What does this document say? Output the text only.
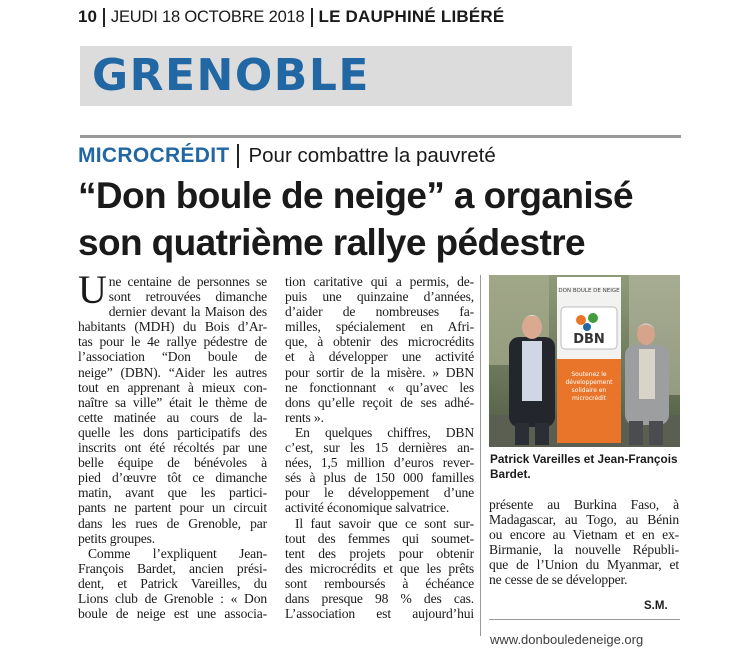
10 JEUDI 18 OCTOBRE 2018 LE DAUPHINÉ LIBÉRÉ
GRENOBLE
MICROCRÉDIT Pour combattre la pauvreté
“Don boule de neige” a organisé
son quatrième rallye pédestre
U ne centaine de personnes se
sont retrouvées dimanche
dernier devant la Maison des
habitants (MDH) du Bois d’Ar-
tas pour le 4e rallye pédestre de
l’association “Don boule de
neige” (DBN). “Aider les autres
tout en apprenant à mieux con-
naître sa ville” était le thème de
cette matinée au cours de la-
quelle les dons participatifs des
inscrits ont été récoltés par une
belle équipe de bénévoles à
pied d’œuvre tôt ce dimanche
matin, avant que les partici-
pants ne partent pour un circuit
dans les rues de Grenoble, par
petits groupes.
Comme l’expliquent Jean-
François Bardet, ancien prési-
dent, et Patrick Vareilles, du
Lions club de Grenoble : « Don
boule de neige est une associa-
tion caritative qui a permis, de-
puis une quinzaine d’années,
d’aider de nombreuses fa-
milles, spécialement en Afri-
que, à obtenir des microcrédits
et à développer une activité
pour sortir de la misère. » DBN
ne fonctionnant « qu’avec les
dons qu’elle reçoit de ses adhé-
rents ».
En quelques chiffres, DBN
c’est, sur les 15 dernières an-
nées, 1,5 million d’euros rever-
sés à plus de 150 000 familles
pour le développement d’une
activité économique salvatrice.
Il faut savoir que ce sont sur-
tout des femmes qui soumet-
tent des projets pour obtenir
des microcrédits et que les prêts
sont remboursés à échéance
dans presque 98 % des cas.
L’association est aujourd’hui
DON BOULE DE NEIGE
DBN
Soutenez le
développement
solidaire en
microcrédit
Patrick Vareilles et Jean-François
Bardet.
présente au Burkina Faso, à
Madagascar, au Togo, au Bénin
ou encore au Vietnam et en ex-
Birmanie, la nouvelle Républi-
que de l’Union du Myanmar, et
ne cesse de se développer.
S.M.
www.donbouledeneige.org
